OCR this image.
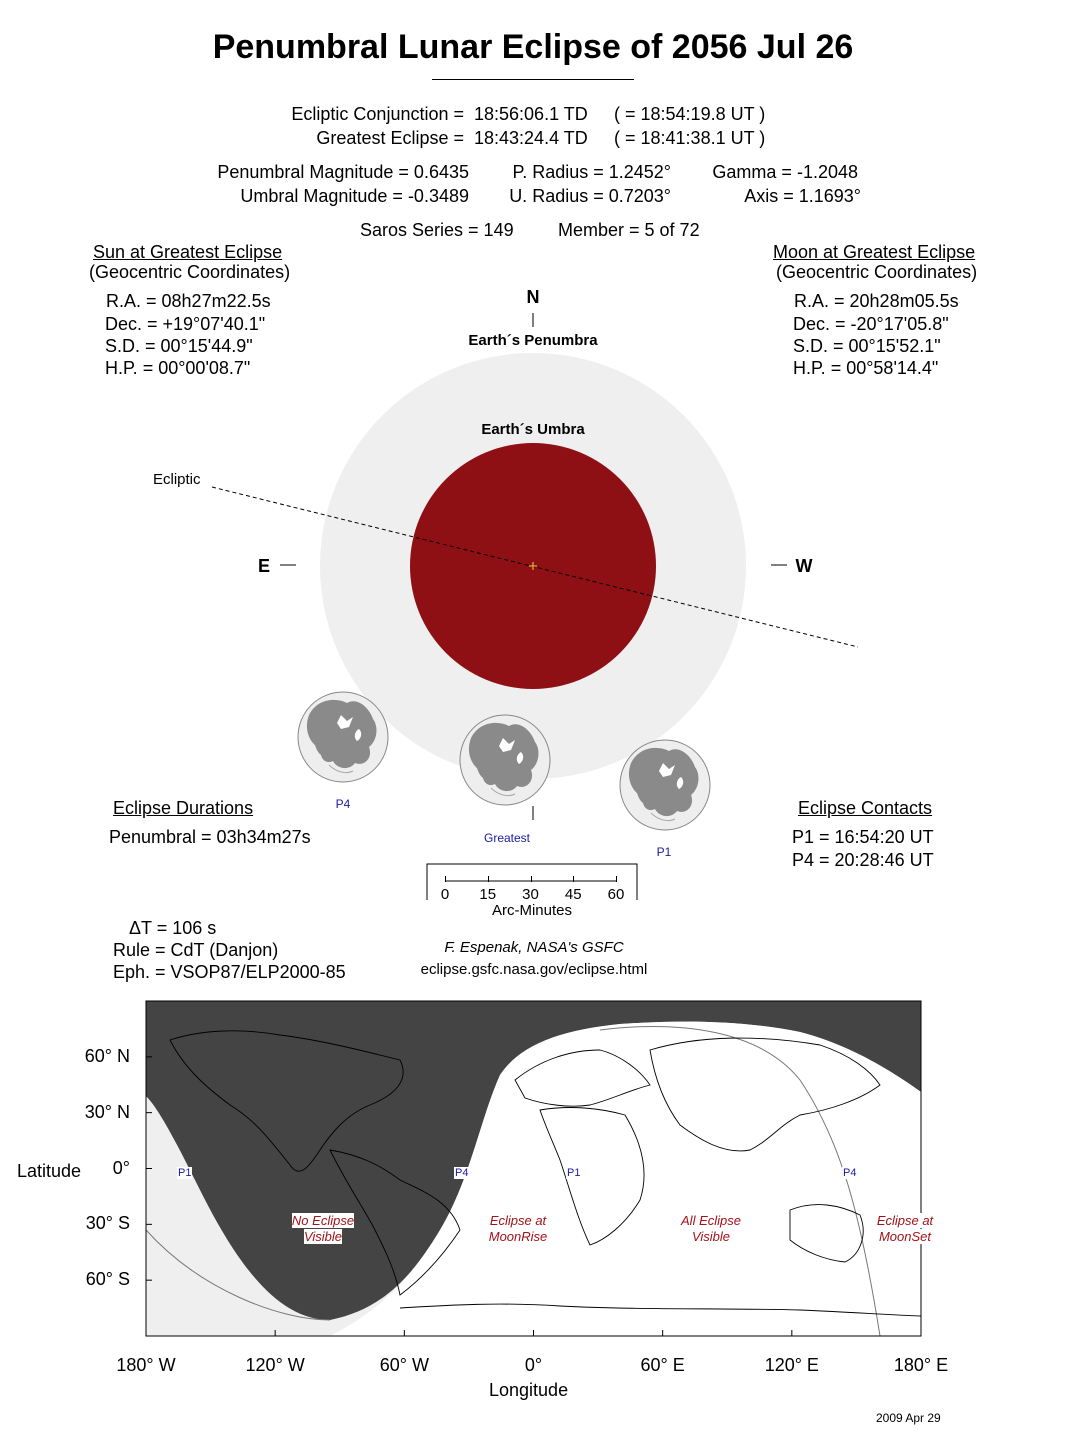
Penumbral Lunar Eclipse of 2056 Jul 26
Ecliptic Conjunction = 18:56:06.1 TD ( = 18:54:19.8 UT )
Greatest Eclipse = 18:43:24.4 TD ( = 18:41:38.1 UT )
Penumbral Magnitude = 0.6435
Umbral Magnitude = -0.3489
P. Radius = 1.2452°
U. Radius = 0.7203°
Gamma = -1.2048
Axis = 1.1693°
Saros Series = 149 Member = 5 of 72
Sun at Greatest Eclipse
(Geocentric Coordinates)
R.A. = 08h27m22.5s
Dec. = +19°07'40.1"
S.D. = 00°15'44.9"
H.P. = 00°00'08.7"
Moon at Greatest Eclipse
(Geocentric Coordinates)
R.A. = 20h28m05.5s
Dec. = -20°17'05.8"
S.D. = 00°15'52.1"
H.P. = 00°58'14.4"
N
E	W
Earth´s Penumbra
Earth´s Umbra
Ecliptic
P4
Greatest
P1
0	15	30	45	60
Arc-Minutes
Eclipse Durations
Penumbral = 03h34m27s
Eclipse Contacts
P1 = 16:54:20 UT
P4 = 20:28:46 UT
ΔT = 106 s
Rule = CdT (Danjon)
Eph. = VSOP87/ELP2000-85
F. Espenak, NASA's GSFC
eclipse.gsfc.nasa.gov/eclipse.html
2009 Apr 29
60° N
30° N
0°
30° S
60° S
180° W	120° W	60° W	0°	60° E	120° E	180° E
Latitude
Longitude
P1	P4	P1	P4
No Eclipse
Visible
Eclipse at
MoonRise
All Eclipse
Visible
Eclipse at
MoonSet
